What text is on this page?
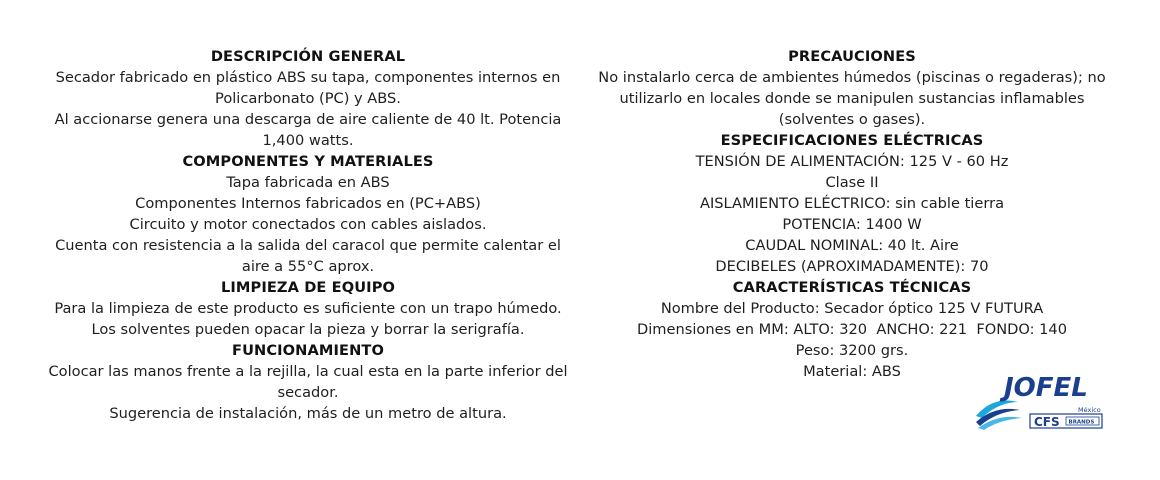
DESCRIPCIÓN GENERAL
Secador fabricado en plástico ABS su tapa, componentes internos en Policarbonato (PC) y ABS.
Al accionarse genera una descarga de aire caliente de 40 lt. Potencia 1,400 watts.
COMPONENTES Y MATERIALES
Tapa fabricada en ABS
Componentes Internos fabricados en (PC+ABS)
Circuito y motor conectados con cables aislados.
Cuenta con resistencia a la salida del caracol que permite calentar el aire a 55°C aprox.
LIMPIEZA DE EQUIPO
Para la limpieza de este producto es suficiente con un trapo húmedo. Los solventes pueden opacar la pieza y borrar la serigrafía.
FUNCIONAMIENTO
Colocar las manos frente a la rejilla, la cual esta en la parte inferior del secador.
Sugerencia de instalación, más de un metro de altura.
PRECAUCIONES
No instalarlo cerca de ambientes húmedos (piscinas o regaderas); no utilizarlo en locales donde se manipulen sustancias inflamables (solventes o gases).
ESPECIFICACIONES ELÉCTRICAS
TENSIÓN DE ALIMENTACIÓN: 125 V - 60 Hz
Clase II
AISLAMIENTO ELÉCTRICO: sin cable tierra
POTENCIA: 1400 W
CAUDAL NOMINAL: 40 lt. Aire
DECIBELES (APROXIMADAMENTE): 70
CARACTERÍSTICAS TÉCNICAS
Nombre del Producto: Secador óptico 125 V FUTURA
Dimensiones en MM: ALTO: 320  ANCHO: 221  FONDO: 140
Peso: 3200 grs.
Material: ABS
JOFEL
México
CFS BRANDS
